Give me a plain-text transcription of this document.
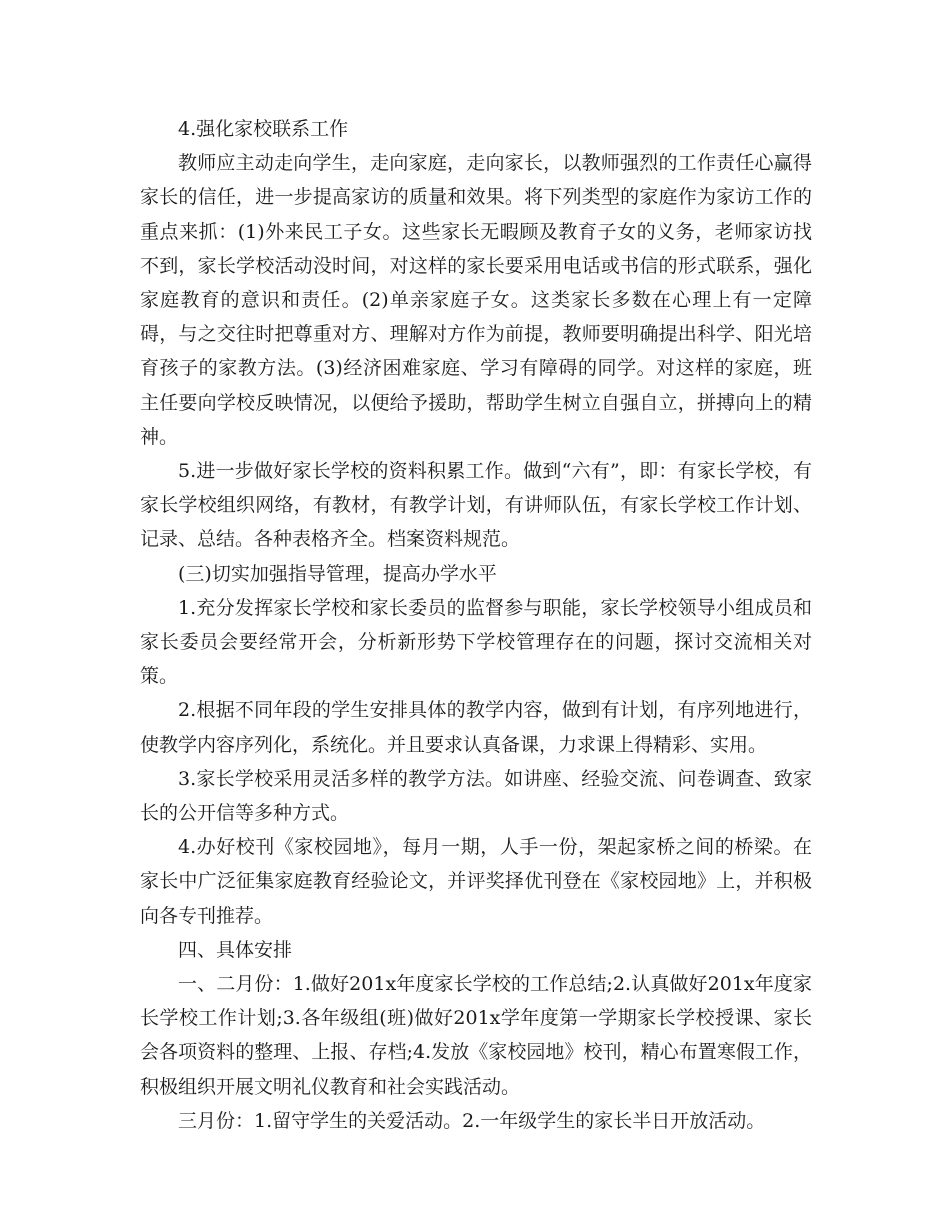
4.强化家校联系工作

教师应主动走向学生，走向家庭，走向家长，以教师强烈的工作责任心赢得家长的信任，进一步提高家访的质量和效果。将下列类型的家庭作为家访工作的重点来抓：(1)外来民工子女。这些家长无暇顾及教育子女的义务，老师家访找不到，家长学校活动没时间，对这样的家长要采用电话或书信的形式联系，强化家庭教育的意识和责任。(2)单亲家庭子女。这类家长多数在心理上有一定障碍，与之交往时把尊重对方、理解对方作为前提，教师要明确提出科学、阳光培育孩子的家教方法。(3)经济困难家庭、学习有障碍的同学。对这样的家庭，班主任要向学校反映情况，以便给予援助，帮助学生树立自强自立，拼搏向上的精神。

5.进一步做好家长学校的资料积累工作。做到“六有”，即：有家长学校，有家长学校组织网络，有教材，有教学计划，有讲师队伍，有家长学校工作计划、记录、总结。各种表格齐全。档案资料规范。

(三)切实加强指导管理，提高办学水平

1.充分发挥家长学校和家长委员的监督参与职能，家长学校领导小组成员和家长委员会要经常开会，分析新形势下学校管理存在的问题，探讨交流相关对策。

2.根据不同年段的学生安排具体的教学内容，做到有计划，有序列地进行，使教学内容序列化，系统化。并且要求认真备课，力求课上得精彩、实用。

3.家长学校采用灵活多样的教学方法。如讲座、经验交流、问卷调查、致家长的公开信等多种方式。

4.办好校刊《家校园地》，每月一期，人手一份，架起家桥之间的桥梁。在家长中广泛征集家庭教育经验论文，并评奖择优刊登在《家校园地》上，并积极向各专刊推荐。

四、具体安排

一、二月份：1.做好201x年度家长学校的工作总结;2.认真做好201x年度家长学校工作计划;3.各年级组(班)做好201x学年度第一学期家长学校授课、家长会各项资料的整理、上报、存档;4.发放《家校园地》校刊，精心布置寒假工作，积极组织开展文明礼仪教育和社会实践活动。

三月份：1.留守学生的关爱活动。2.一年级学生的家长半日开放活动。
